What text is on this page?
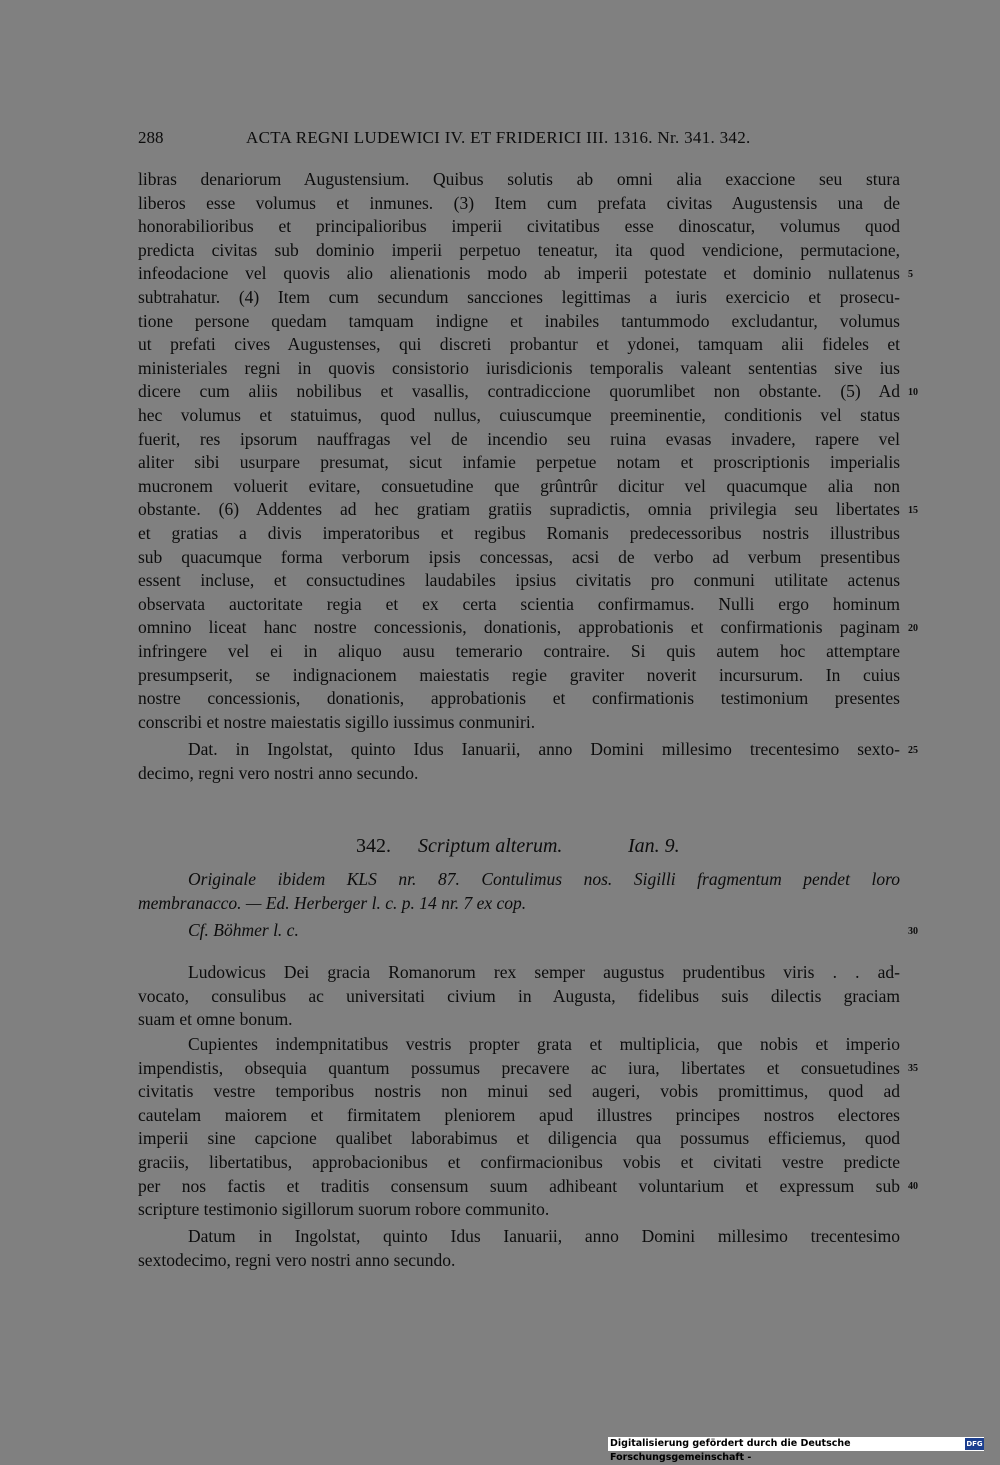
288	ACTA REGNI LUDEWICI IV. ET FRIDERICI III. 1316. Nr. 341. 342.
libras denariorum Augustensium. Quibus solutis ab omni alia exaccione seu stura
liberos esse volumus et inmunes. (3) Item cum prefata civitas Augustensis una de
honorabilioribus et principalioribus imperii civitatibus esse dinoscatur, volumus quod
predicta civitas sub dominio imperii perpetuo teneatur, ita quod vendicione, permutacione,
infeodacione vel quovis alio alienationis modo ab imperii potestate et dominio nullatenus
subtrahatur. (4) Item cum secundum sancciones legittimas a iuris exercicio et prosecu-
tione persone quedam tamquam indigne et inabiles tantummodo excludantur, volumus
ut prefati cives Augustenses, qui discreti probantur et ydonei, tamquam alii fideles et
ministeriales regni in quovis consistorio iurisdicionis temporalis valeant sententias sive ius
dicere cum aliis nobilibus et vasallis, contradiccione quorumlibet non obstante. (5) Ad
hec volumus et statuimus, quod nullus, cuiuscumque preeminentie, conditionis vel status
fuerit, res ipsorum nauffragas vel de incendio seu ruina evasas invadere, rapere vel
aliter sibi usurpare presumat, sicut infamie perpetue notam et proscriptionis imperialis
mucronem voluerit evitare, consuetudine que grûntrûr dicitur vel quacumque alia non
obstante. (6) Addentes ad hec gratiam gratiis supradictis, omnia privilegia seu libertates
et gratias a divis imperatoribus et regibus Romanis predecessoribus nostris illustribus
sub quacumque forma verborum ipsis concessas, acsi de verbo ad verbum presentibus
essent incluse, et consuctudines laudabiles ipsius civitatis pro conmuni utilitate actenus
observata auctoritate regia et ex certa scientia confirmamus. Nulli ergo hominum
omnino liceat hanc nostre concessionis, donationis, approbationis et confirmationis paginam
infringere vel ei in aliquo ausu temerario contraire. Si quis autem hoc attemptare
presumpserit, se indignacionem maiestatis regie graviter noverit incursurum. In cuius
nostre concessionis, donationis, approbationis et confirmationis testimonium presentes
conscribi et nostre maiestatis sigillo iussimus conmuniri.
Dat. in Ingolstat, quinto Idus Ianuarii, anno Domini millesimo trecentesimo sexto-
decimo, regni vero nostri anno secundo.
342. Scriptum alterum.	Ian. 9.
Originale ibidem KLS nr. 87. Contulimus nos. Sigilli fragmentum pendet loro
membranacco. — Ed. Herberger l. c. p. 14 nr. 7 ex cop.
Cf. Böhmer l. c.
Ludowicus Dei gracia Romanorum rex semper augustus prudentibus viris . . ad-
vocato, consulibus ac universitati civium in Augusta, fidelibus suis dilectis graciam
suam et omne bonum.
Cupientes indempnitatibus vestris propter grata et multiplicia, que nobis et imperio
impendistis, obsequia quantum possumus precavere ac iura, libertates et consuetudines
civitatis vestre temporibus nostris non minui sed augeri, vobis promittimus, quod ad
cautelam maiorem et firmitatem pleniorem apud illustres principes nostros electores
imperii sine capcione qualibet laborabimus et diligencia qua possumus efficiemus, quod
graciis, libertatibus, approbacionibus et confirmacionibus vobis et civitati vestre predicte
per nos factis et traditis consensum suum adhibeant voluntarium et expressum sub
scripture testimonio sigillorum suorum robore communito.
Datum in Ingolstat, quinto Idus Ianuarii, anno Domini millesimo trecentesimo
sextodecimo, regni vero nostri anno secundo.
5
10
15
20
25
30
35
40
Digitalisierung gefördert durch die Deutsche Forschungsgemeinschaft -
DFG
